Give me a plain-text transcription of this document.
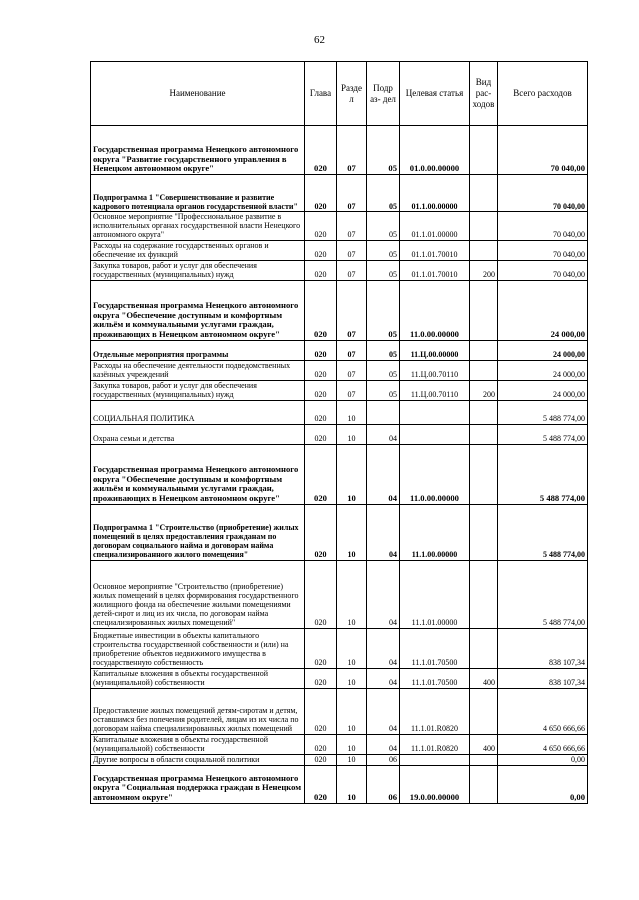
62
Наименование	Глава	Разде л	Подр аз- дел	Целевая статья	Вид рас- ходов	Всего расходов
Государственная программа Ненецкого автономного округа "Развитие государственного управления в Ненецком автономном округе"	020	07	05	01.0.00.00000		70 040,00
Подпрограмма 1 "Совершенствование и развитие кадрового потенциала органов государственной власти"	020	07	05	01.1.00.00000		70 040,00
Основное мероприятие "Профессиональное развитие в исполнительных органах государственной власти Ненецкого автономного округа"	020	07	05	01.1.01.00000		70 040,00
Расходы на содержание государственных органов и обеспечение их функций	020	07	05	01.1.01.70010		70 040,00
Закупка товаров, работ и услуг для обеспечения государственных (муниципальных) нужд	020	07	05	01.1.01.70010	200	70 040,00
Государственная программа Ненецкого автономного округа "Обеспечение доступным и комфортным жильём и коммунальными услугами граждан, проживающих в Ненецком автономном округе"	020	07	05	11.0.00.00000		24 000,00
Отдельные мероприятия программы	020	07	05	11.Ц.00.00000		24 000,00
Расходы на обеспечение деятельности подведомственных казённых учреждений	020	07	05	11.Ц.00.70110		24 000,00
Закупка товаров, работ и услуг для обеспечения государственных (муниципальных) нужд	020	07	05	11.Ц.00.70110	200	24 000,00
СОЦИАЛЬНАЯ ПОЛИТИКА	020	10				5 488 774,00
Охрана семьи и детства	020	10	04			5 488 774,00
Государственная программа Ненецкого автономного округа "Обеспечение доступным и комфортным жильём и коммунальными услугами граждан, проживающих в Ненецком автономном округе"	020	10	04	11.0.00.00000		5 488 774,00
Подпрограмма 1 "Строительство (приобретение) жилых помещений в целях предоставления гражданам по договорам социального найма и договорам найма специализированного жилого помещения"	020	10	04	11.1.00.00000		5 488 774,00
Основное мероприятие "Строительство (приобретение) жилых помещений в целях формирования государственного жилищного фонда на обеспечение жилыми помещениями детей-сирот и лиц из их числа, по договорам найма специализированных жилых помещений"	020	10	04	11.1.01.00000		5 488 774,00
Бюджетные инвестиции в объекты капитального строительства государственной собственности и (или) на приобретение объектов недвижимого имущества в государственную собственность	020	10	04	11.1.01.70500		838 107,34
Капитальные вложения в объекты государственной (муниципальной) собственности	020	10	04	11.1.01.70500	400	838 107,34
Предоставление жилых помещений детям-сиротам и детям, оставшимся без попечения родителей, лицам из их числа по договорам найма специализированных жилых помещений	020	10	04	11.1.01.R0820		4 650 666,66
Капитальные вложения в объекты государственной (муниципальной) собственности	020	10	04	11.1.01.R0820	400	4 650 666,66
Другие вопросы в области социальной политики	020	10	06			0,00
Государственная программа Ненецкого автономного округа "Социальная поддержка граждан в Ненецком автономном округе"	020	10	06	19.0.00.00000		0,00
